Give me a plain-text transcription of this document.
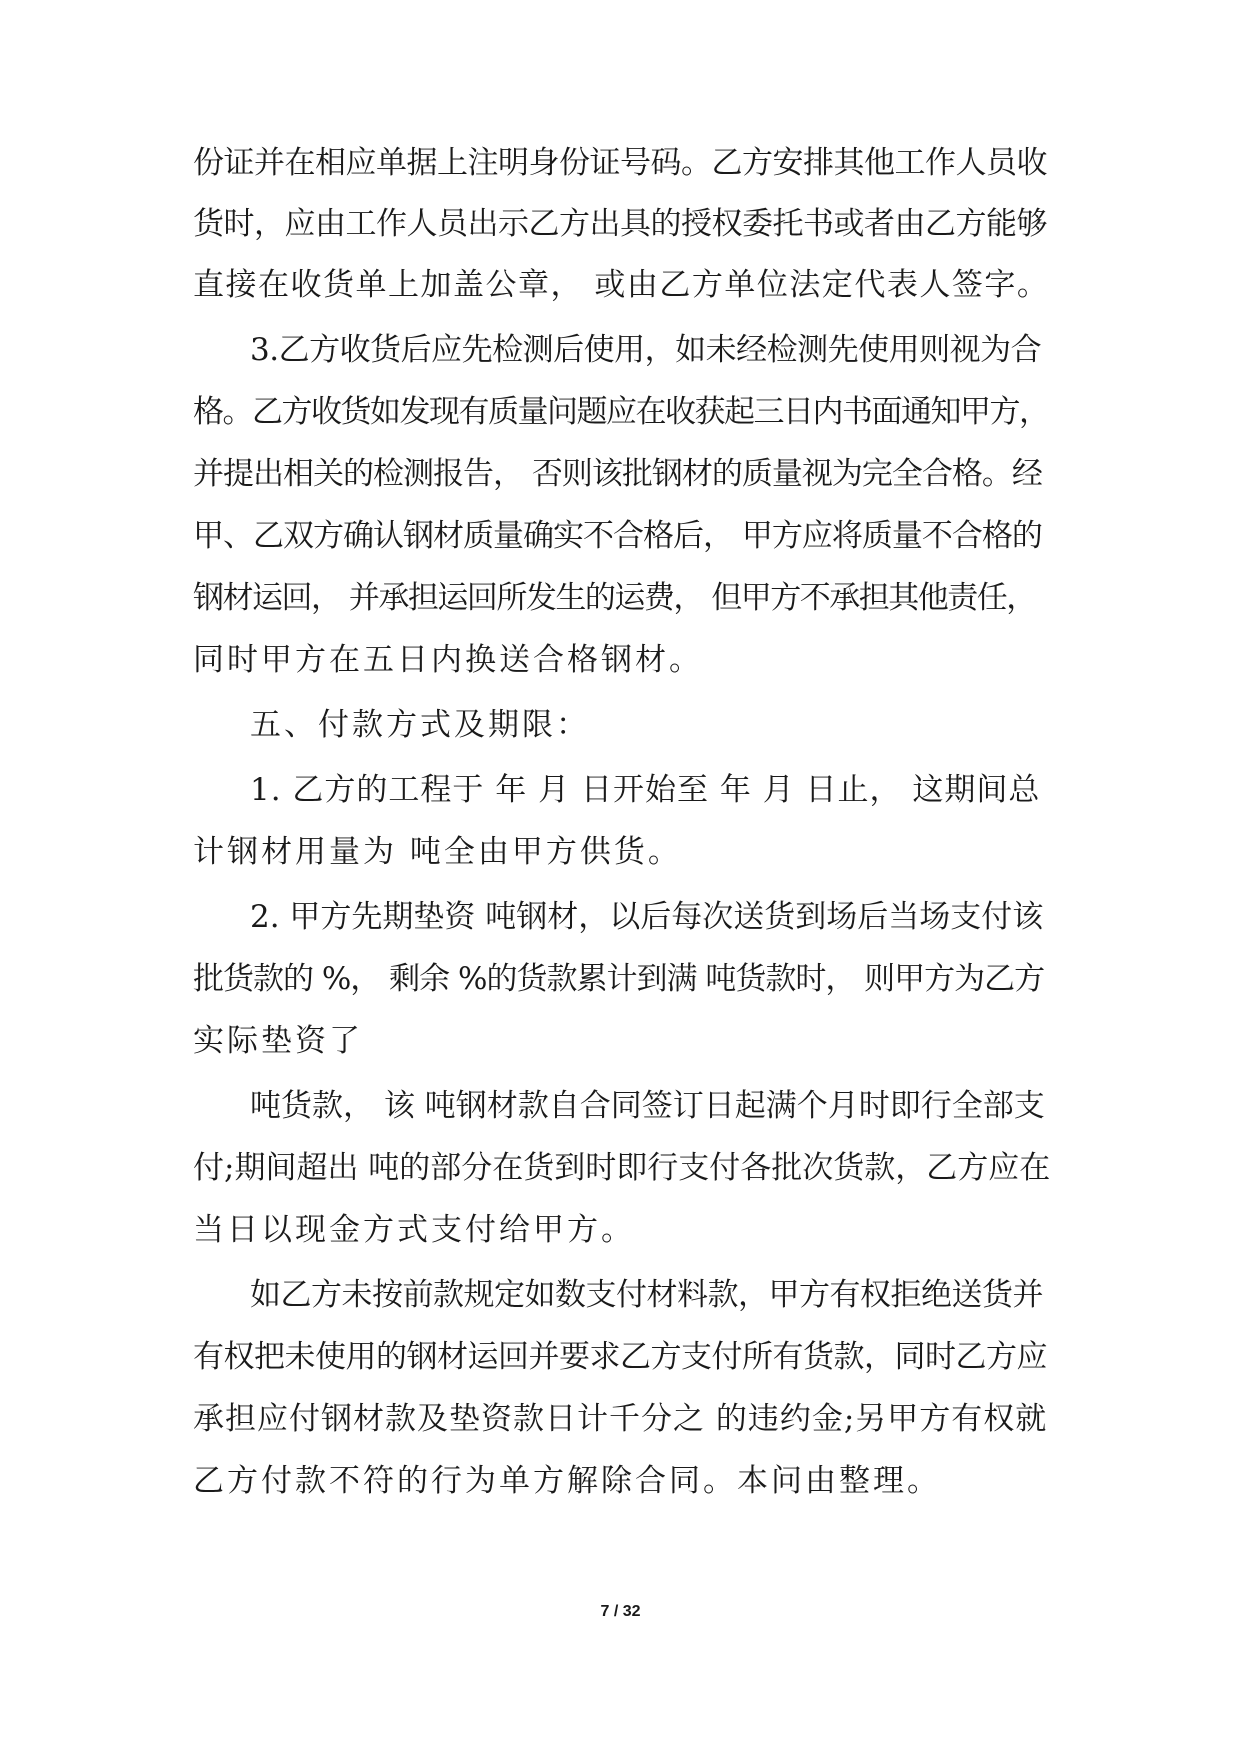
份证并在相应单据上注明身份证号码。乙方安排其他工作人员收
货时，应由工作人员出示乙方出具的授权委托书或者由乙方能够
直接在收货单上加盖公章， 或由乙方单位法定代表人签字。
3.乙方收货后应先检测后使用，如未经检测先使用则视为合
格。乙方收货如发现有质量问题应在收获起三日内书面通知甲方，
并提出相关的检测报告， 否则该批钢材的质量视为完全合格。经
甲、乙双方确认钢材质量确实不合格后， 甲方应将质量不合格的
钢材运回， 并承担运回所发生的运费， 但甲方不承担其他责任，
同时甲方在五日内换送合格钢材。
五、付款方式及期限：
1. 乙方的工程于 年 月 日开始至 年 月 日止， 这期间总
计钢材用量为 吨全由甲方供货。
2. 甲方先期垫资 吨钢材，以后每次送货到场后当场支付该
批货款的 %， 剩余 %的货款累计到满 吨货款时， 则甲方为乙方
实际垫资了
吨货款， 该 吨钢材款自合同签订日起满个月时即行全部支
付;期间超出 吨的部分在货到时即行支付各批次货款，乙方应在
当日以现金方式支付给甲方。
如乙方未按前款规定如数支付材料款，甲方有权拒绝送货并
有权把未使用的钢材运回并要求乙方支付所有货款，同时乙方应
承担应付钢材款及垫资款日计千分之 的违约金;另甲方有权就
乙方付款不符的行为单方解除合同。本问由整理。
7 / 32
